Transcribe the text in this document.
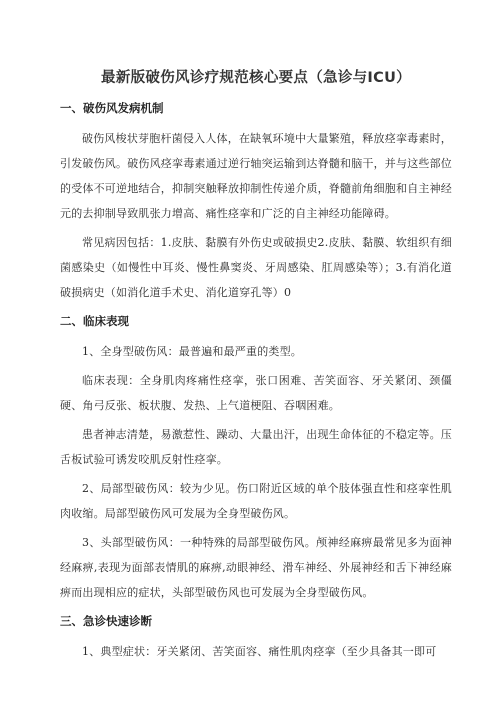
最新版破伤风诊疗规范核心要点（急诊与ICU）
一、破伤风发病机制

破伤风梭状芽胞杆菌侵入人体，在缺氧环境中大量繁殖，释放痉挛毒素时，引发破伤风。破伤风痉挛毒素通过逆行轴突运输到达脊髓和脑干，并与这些部位的受体不可逆地结合，抑制突触释放抑制性传递介质，脊髓前角细胞和自主神经元的去抑制导致肌张力增高、痛性痉挛和广泛的自主神经功能障碍。

常见病因包括：1.皮肤、黏膜有外伤史或破损史2.皮肤、黏膜、软组织有细菌感染史（如慢性中耳炎、慢性鼻窦炎、牙周感染、肛周感染等）；3.有消化道破损病史（如消化道手术史、消化道穿孔等）0

二、临床表现

1、全身型破伤风：最普遍和最严重的类型。

临床表现：全身肌肉疼痛性痉挛，张口困难、苦笑面容、牙关紧闭、颈僵硬、角弓反张、板状腹、发热、上气道梗阻、吞咽困难。

患者神志清楚，易激惹性、躁动、大量出汗，出现生命体征的不稳定等。压舌板试验可诱发咬肌反射性痉挛。

2、局部型破伤风：较为少见。伤口附近区域的单个肢体强直性和痉挛性肌肉收缩。局部型破伤风可发展为全身型破伤风。

3、头部型破伤风：一种特殊的局部型破伤风。颅神经麻痹最常见多为面神经麻痹,表现为面部表情肌的麻痹,动眼神经、滑车神经、外展神经和舌下神经麻痹而出现相应的症状，头部型破伤风也可发展为全身型破伤风。

三、急诊快速诊断

1、典型症状：牙关紧闭、苦笑面容、痛性肌肉痉挛（至少具备其一即可
